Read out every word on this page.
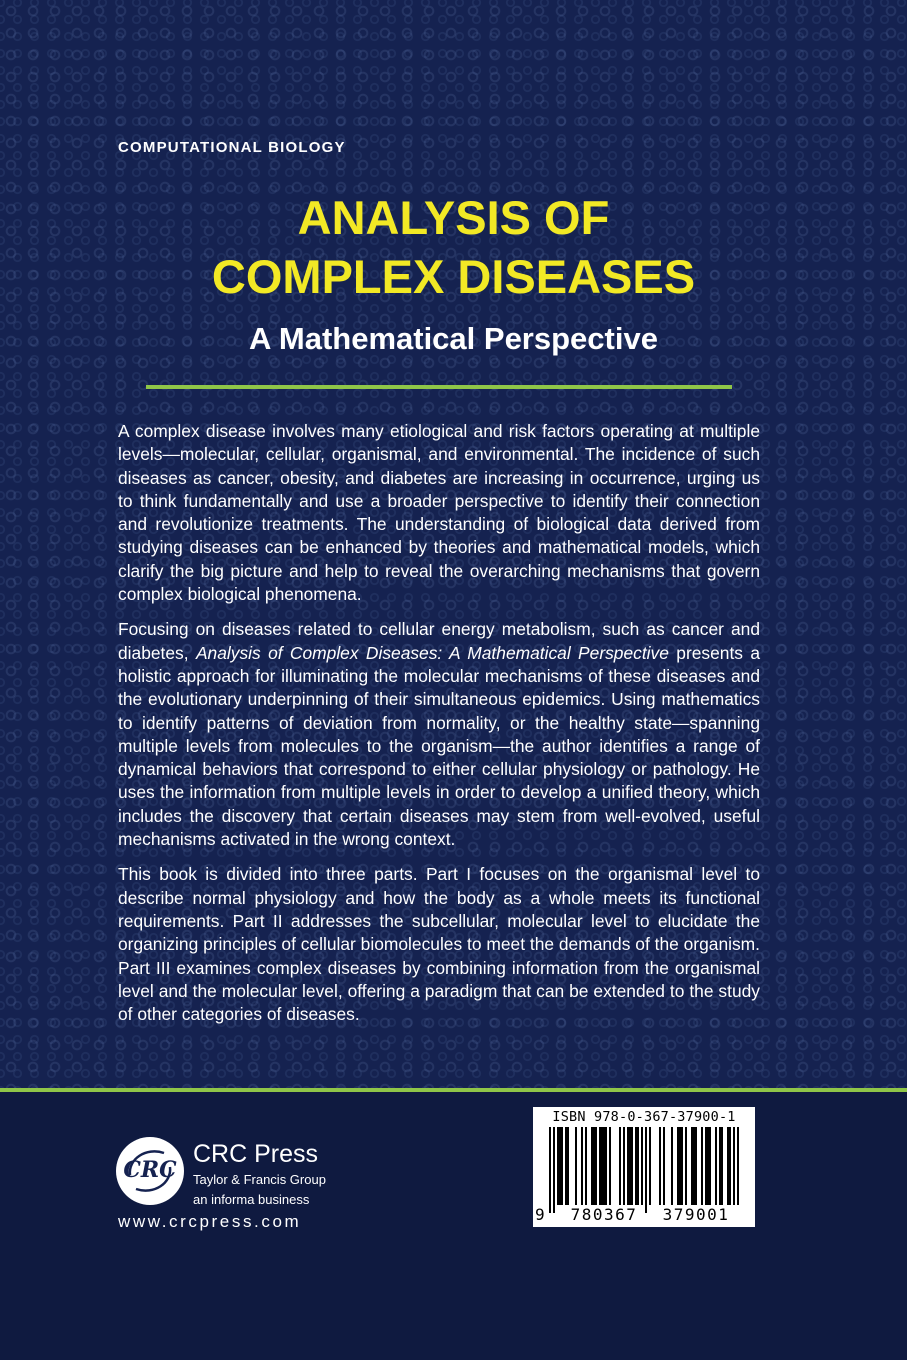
COMPUTATIONAL BIOLOGY

ANALYSIS OF
COMPLEX DISEASES
A Mathematical Perspective

A complex disease involves many etiological and risk factors operating at multiple levels—molecular, cellular, organismal, and environmental. The incidence of such diseases as cancer, obesity, and diabetes are increasing in occurrence, urging us to think fundamentally and use a broader perspective to identify their connection and revolutionize treatments. The understanding of biological data derived from studying diseases can be enhanced by theories and mathematical models, which clarify the big picture and help to reveal the overarching mechanisms that govern complex biological phenomena.

Focusing on diseases related to cellular energy metabolism, such as cancer and diabetes, Analysis of Complex Diseases: A Mathematical Perspective presents a holistic approach for illuminating the molecular mechanisms of these diseases and the evolutionary underpinning of their simultaneous epidemics. Using mathematics to identify patterns of deviation from normality, or the healthy state—spanning multiple levels from molecules to the organism—the author identifies a range of dynamical behaviors that correspond to either cellular physiology or pathology. He uses the information from multiple levels in order to develop a unified theory, which includes the discovery that certain diseases may stem from well-evolved, useful mechanisms activated in the wrong context.

This book is divided into three parts. Part I focuses on the organismal level to describe normal physiology and how the body as a whole meets its functional requirements. Part II addresses the subcellular, molecular level to elucidate the organizing principles of cellular biomolecules to meet the demands of the organism. Part III examines complex diseases by combining information from the organismal level and the molecular level, offering a paradigm that can be extended to the study of other categories of diseases.

CRC

CRC Press

Taylor & Francis Group

an informa business

www.crcpress.com

ISBN 978-0-367-37900-1
9	780367	379001
